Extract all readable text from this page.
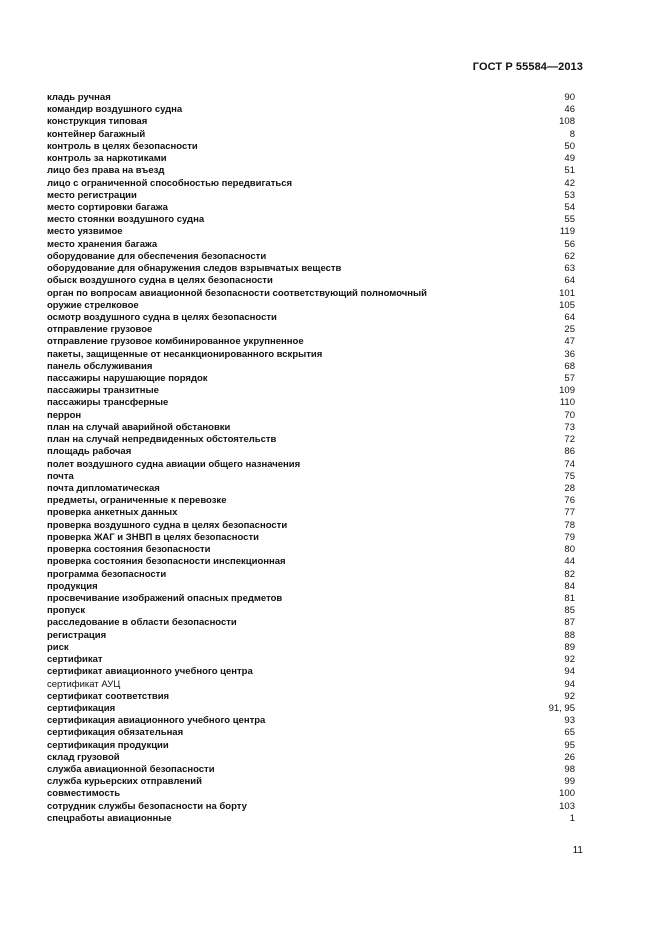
ГОСТ Р 55584—2013
кладь ручная	90
командир воздушного судна	46
конструкция типовая	108
контейнер багажный	8
контроль в целях безопасности	50
контроль за наркотиками	49
лицо без права на въезд	51
лицо с ограниченной способностью передвигаться	42
место регистрации	53
место сортировки багажа	54
место стоянки воздушного судна	55
место уязвимое	119
место хранения багажа	56
оборудование для обеспечения безопасности	62
оборудование для обнаружения следов взрывчатых веществ	63
обыск воздушного судна в целях безопасности	64
орган по вопросам авиационной безопасности соответствующий полномочный	101
оружие стрелковое	105
осмотр воздушного судна в целях безопасности	64
отправление грузовое	25
отправление грузовое комбинированное укрупненное	47
пакеты, защищенные от несанкционированного вскрытия	36
панель обслуживания	68
пассажиры нарушающие порядок	57
пассажиры транзитные	109
пассажиры трансферные	110
перрон	70
план на случай аварийной обстановки	73
план на случай непредвиденных обстоятельств	72
площадь рабочая	86
полет воздушного судна авиации общего назначения	74
почта	75
почта дипломатическая	28
предметы, ограниченные к перевозке	76
проверка анкетных данных	77
проверка воздушного судна в целях безопасности	78
проверка ЖАГ и ЗНВП в целях безопасности	79
проверка состояния безопасности	80
проверка состояния безопасности инспекционная	44
программа безопасности	82
продукция	84
просвечивание изображений опасных предметов	81
пропуск	85
расследование в области безопасности	87
регистрация	88
риск	89
сертификат	92
сертификат авиационного учебного центра	94
сертификат АУЦ	94
сертификат соответствия	92
сертификация	91, 95
сертификация авиационного учебного центра	93
сертификация обязательная	65
сертификация продукции	95
склад грузовой	26
служба авиационной безопасности	98
служба курьерских отправлений	99
совместимость	100
сотрудник службы безопасности на борту	103
спецработы авиационные	1
11
